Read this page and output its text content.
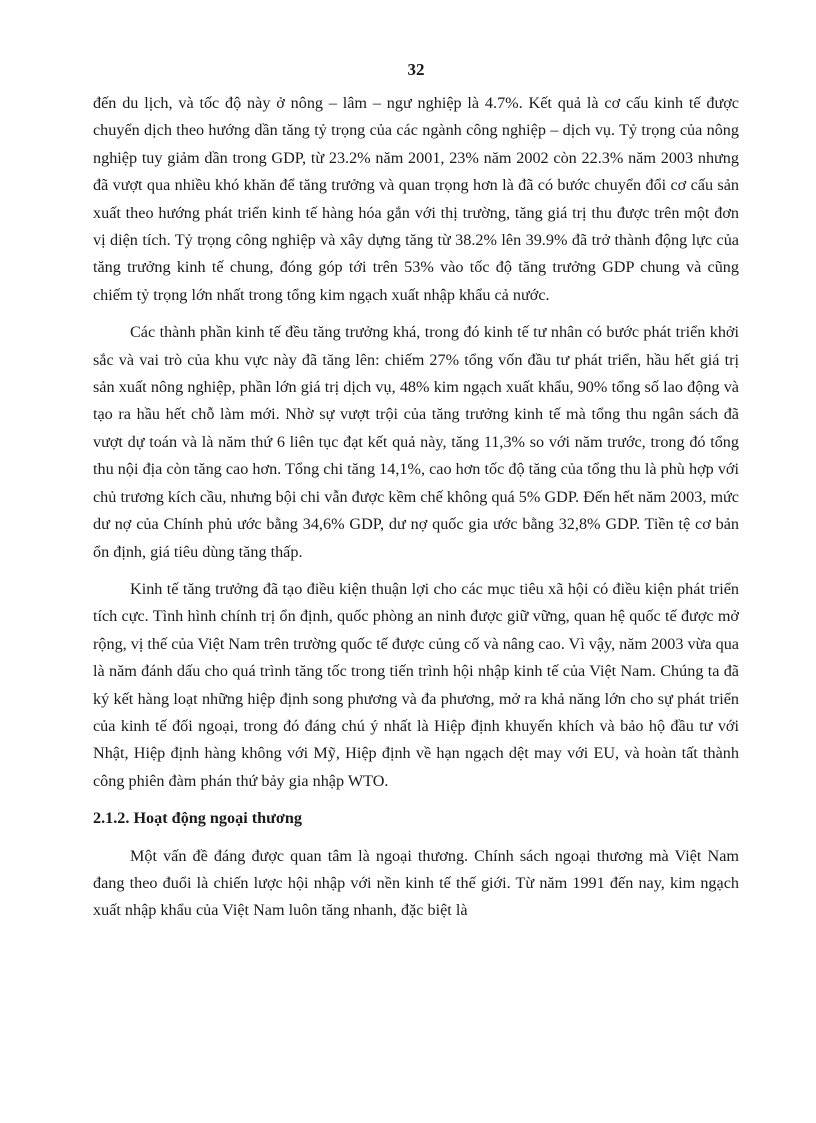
32

đến du lịch, và tốc độ này ở nông – lâm – ngư nghiệp là 4.7%. Kết quả là cơ cấu kinh tế được chuyển dịch theo hướng dần tăng tỷ trọng của các ngành công nghiệp – dịch vụ. Tỷ trọng của nông nghiệp tuy giảm dần trong GDP, từ 23.2% năm 2001, 23% năm 2002 còn 22.3% năm 2003 nhưng đã vượt qua nhiều khó khăn để tăng trưởng và quan trọng hơn là đã có bước chuyển đổi cơ cấu sản xuất theo hướng phát triển kinh tế hàng hóa gắn với thị trường, tăng giá trị thu được trên một đơn vị diện tích. Tỷ trọng công nghiệp và xây dựng tăng từ 38.2% lên 39.9% đã trở thành động lực của tăng trưởng kinh tế chung, đóng góp tới trên 53% vào tốc độ tăng trưởng GDP chung và cũng chiếm tỷ trọng lớn nhất trong tổng kim ngạch xuất nhập khẩu cả nước.

Các thành phần kinh tế đều tăng trưởng khá, trong đó kinh tế tư nhân có bước phát triển khởi sắc và vai trò của khu vực này đã tăng lên: chiếm 27% tổng vốn đầu tư phát triển, hầu hết giá trị sản xuất nông nghiệp, phần lớn giá trị dịch vụ, 48% kim ngạch xuất khẩu, 90% tổng số lao động và tạo ra hầu hết chỗ làm mới. Nhờ sự vượt trội của tăng trưởng kinh tế mà tổng thu ngân sách đã vượt dự toán và là năm thứ 6 liên tục đạt kết quả này, tăng 11,3% so với năm trước, trong đó tổng thu nội địa còn tăng cao hơn. Tổng chi tăng 14,1%, cao hơn tốc độ tăng của tổng thu là phù hợp với chủ trương kích cầu, nhưng bội chi vẫn được kềm chế không quá 5% GDP. Đến hết năm 2003, mức dư nợ của Chính phủ ước bằng 34,6% GDP, dư nợ quốc gia ước bằng 32,8% GDP. Tiền tệ cơ bản ổn định, giá tiêu dùng tăng thấp.

Kinh tế tăng trưởng đã tạo điều kiện thuận lợi cho các mục tiêu xã hội có điều kiện phát triển tích cực. Tình hình chính trị ổn định, quốc phòng an ninh được giữ vững, quan hệ quốc tế được mở rộng, vị thế của Việt Nam trên trường quốc tế được củng cố và nâng cao. Vì vậy, năm 2003 vừa qua là năm đánh dấu cho quá trình tăng tốc trong tiến trình hội nhập kinh tế của Việt Nam. Chúng ta đã ký kết hàng loạt những hiệp định song phương và đa phương, mở ra khả năng lớn cho sự phát triển của kinh tế đối ngoại, trong đó đáng chú ý nhất là Hiệp định khuyến khích và bảo hộ đầu tư với Nhật, Hiệp định hàng không với Mỹ, Hiệp định về hạn ngạch dệt may với EU, và hoàn tất thành công phiên đàm phán thứ bảy gia nhập WTO.

2.1.2. Hoạt động ngoại thương

Một vấn đề đáng được quan tâm là ngoại thương. Chính sách ngoại thương mà Việt Nam đang theo đuổi là chiến lược hội nhập với nền kinh tế thế giới. Từ năm 1991 đến nay, kim ngạch xuất nhập khẩu của Việt Nam luôn tăng nhanh, đặc biệt là
